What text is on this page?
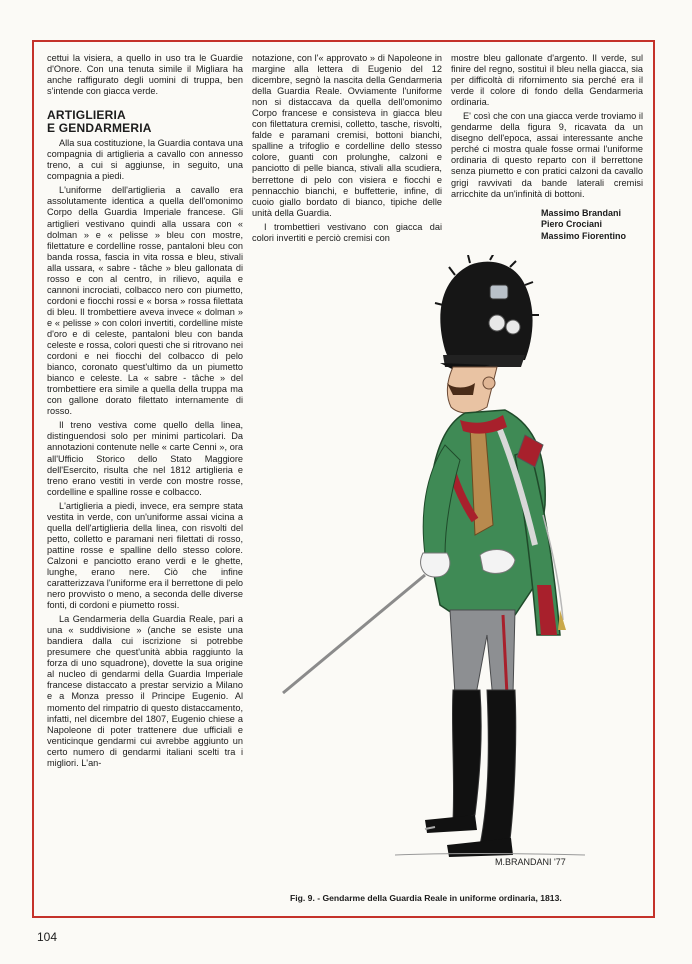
cettui la visiera, a quello in uso tra le Guardie d'Onore. Con una tenuta simile il Migliara ha anche raffigurato degli uomini di truppa, ben s'intende con giacca verde.

ARTIGLIERIA
E GENDARMERIA

Alla sua costituzione, la Guardia contava una compagnia di artiglieria a cavallo con annesso treno, a cui si aggiunse, in seguito, una compagnia a piedi.

L'uniforme dell'artiglieria a cavallo era assolutamente identica a quella dell'omonimo Corpo della Guardia Imperiale francese. Gli artiglieri vestivano quindi alla ussara con « dolman » e « pelisse » bleu con mostre, filettature e cordelline rosse, pantaloni bleu con banda rossa, fascia in vita rossa e bleu, stivali alla ussara, « sabre - tâche » bleu gallonata di rosso e con al centro, in rilievo, aquila e cannoni incrociati, colbacco nero con piumetto, cordoni e fiocchi rossi e « borsa » rossa filettata di bleu. Il trombettiere aveva invece « dolman » e « pelisse » con colori invertiti, cordelline miste d'oro e di celeste, pantaloni bleu con banda celeste e rossa, colori questi che si ritrovano nei cordoni e nei fiocchi del colbacco di pelo bianco, coronato quest'ultimo da un piumetto bianco e celeste. La « sabre - tâche » del trombettiere era simile a quella della truppa ma con gallone dorato filettato internamente di rosso.

Il treno vestiva come quello della linea, distinguendosi solo per minimi particolari. Da annotazioni contenute nelle « carte Cenni », ora all'Ufficio Storico dello Stato Maggiore dell'Esercito, risulta che nel 1812 artiglieria e treno erano vestiti in verde con mostre rosse, cordelline e spalline rosse e colbacco.

L'artiglieria a piedi, invece, era sempre stata vestita in verde, con un'uniforme assai vicina a quella dell'artiglieria della linea, con risvolti del petto, colletto e paramani neri filettati di rosso, pattine rosse e spalline dello stesso colore. Calzoni e panciotto erano verdi e le ghette, lunghe, erano nere. Ciò che infine caratterizzava l'uniforme era il berrettone di pelo nero provvisto o meno, a seconda delle diverse fonti, di cordoni e piumetto rossi.

La Gendarmeria della Guardia Reale, pari a una « suddivisione » (anche se esiste una bandiera dalla cui iscrizione si potrebbe presumere che quest'unità abbia raggiunto la forza di uno squadrone), dovette la sua origine al nucleo di gendarmi della Guardia Imperiale francese distaccato a prestar servizio a Milano e a Monza presso il Principe Eugenio. Al momento del rimpatrio di questo distaccamento, infatti, nel dicembre del 1807, Eugenio chiese a Napoleone di poter trattenere due ufficiali e venticinque gendarmi cui avrebbe aggiunto un certo numero di gendarmi italiani scelti tra i migliori. L'an-

notazione, con l'« approvato » di Napoleone in margine alla lettera di Eugenio del 12 dicembre, segnò la nascita della Gendarmeria della Guardia Reale. Ovviamente l'uniforme non si distaccava da quella dell'omonimo Corpo francese e consisteva in giacca bleu con filettatura cremisi, colletto, tasche, risvolti, falde e paramani cremisi, bottoni bianchi, spalline a trifoglio e cordelline dello stesso colore, guanti con prolunghe, calzoni e panciotto di pelle bianca, stivali alla scudiera, berrettone di pelo con visiera e fiocchi e pennacchio bianchi, e buffetterie, infine, di cuoio giallo bordato di bianco, tipiche delle unità della Guardia.

I trombettieri vestivano con giacca dai colori invertiti e perciò cremisi con

mostre bleu gallonate d'argento. Il verde, sul finire del regno, sostituì il bleu nella giacca, sia per difficoltà di rifornimento sia perché era il verde il colore di fondo della Gendarmeria ordinaria.

E' così che con una giacca verde troviamo il gendarme della figura 9, ricavata da un disegno dell'epoca, assai interessante anche perché ci mostra quale fosse ormai l'uniforme ordinaria di questo reparto con il berrettone senza piumetto e con pratici calzoni da cavallo grigi ravvivati da bande laterali cremisi arricchite da un'infinità di bottoni.

Massimo Brandani
Piero Crociani
Massimo Fiorentino
M.BRANDANI '77
Fig. 9. - Gendarme della Guardia Reale in uniforme ordinaria, 1813.
104
